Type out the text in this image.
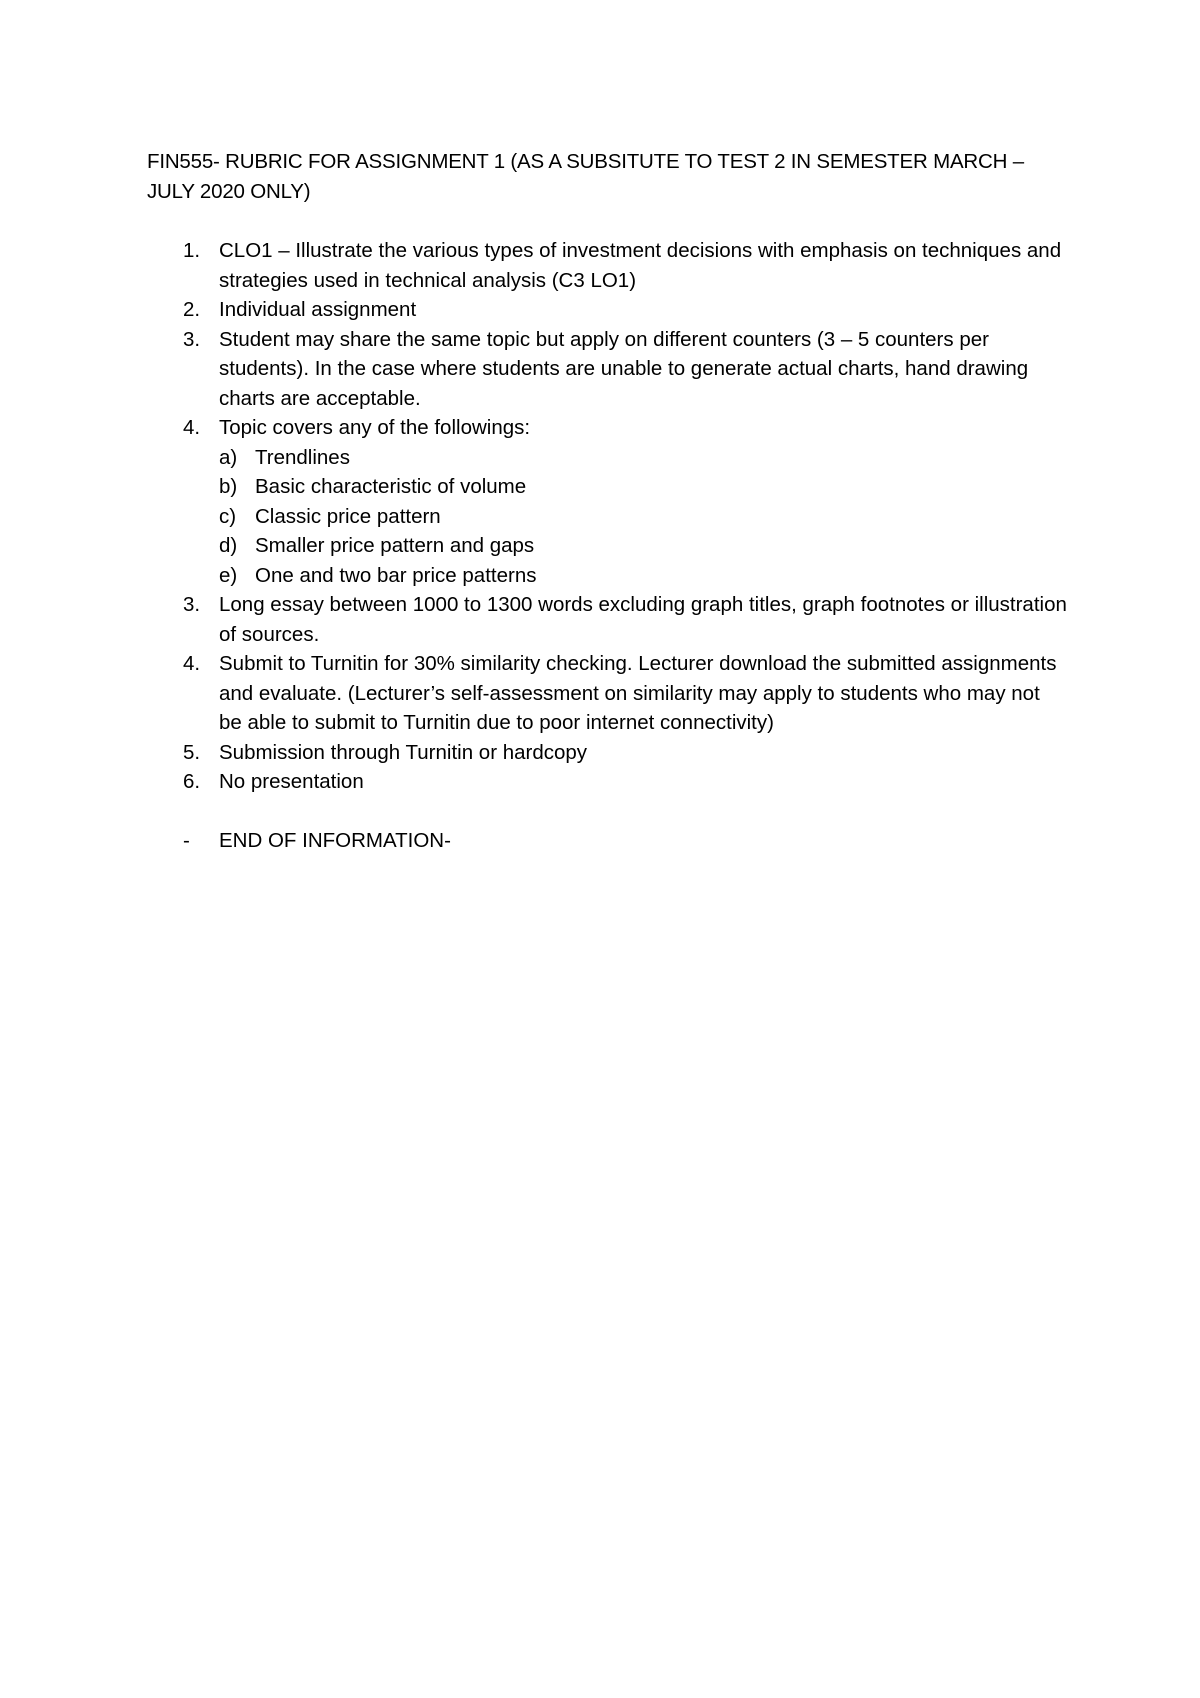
FIN555- RUBRIC FOR ASSIGNMENT 1 (AS A SUBSITUTE TO TEST 2 IN SEMESTER MARCH – JULY 2020 ONLY)

1. CLO1 – Illustrate the various types of investment decisions with emphasis on techniques and strategies used in technical analysis (C3 LO1)
2. Individual assignment
3. Student may share the same topic but apply on different counters (3 – 5 counters per students). In the case where students are unable to generate actual charts, hand drawing charts are acceptable.
4. Topic covers any of the followings:
a) Trendlines
b) Basic characteristic of volume
c) Classic price pattern
d) Smaller price pattern and gaps
e) One and two bar price patterns
3. Long essay between 1000 to 1300 words excluding graph titles, graph footnotes or illustration of sources.
4. Submit to Turnitin for 30% similarity checking. Lecturer download the submitted assignments and evaluate. (Lecturer’s self-assessment on similarity may apply to students who may not be able to submit to Turnitin due to poor internet connectivity)
5. Submission through Turnitin or hardcopy
6. No presentation
- END OF INFORMATION-
